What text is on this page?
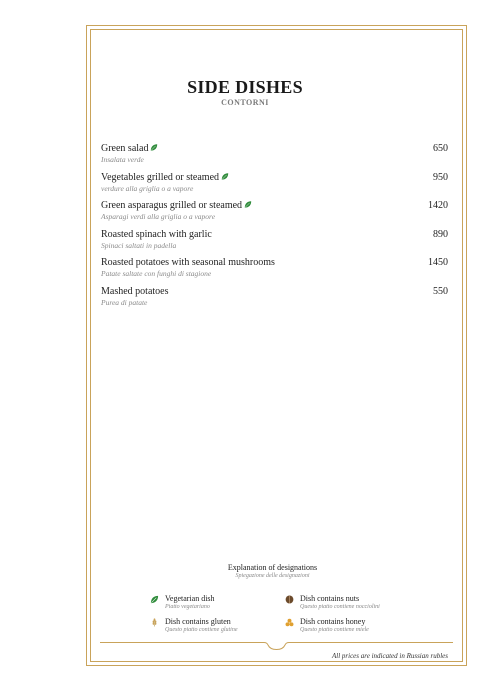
SIDE DISHES
CONTORNI
Green salad
Insalata verde
650
Vegetables grilled or steamed
verdure alla griglia o a vapore
950
Green asparagus grilled or steamed
Asparagi verdi alla griglia o a vapore
1420
Roasted spinach with garlic
Spinaci saltati in padella
890
Roasted potatoes with seasonal mushrooms
Patate saltate con funghi di stagione
1450
Mashed potatoes
Purea di patate
550
Explanation of designations
Spiegazione delle designazioni
Vegetarian dish
Piatto vegetariano
Dish contains nuts
Questo piatto contiene nocciolini
Dish contains gluten
Questo piatto contiene glutine
Dish contains honey
Questo piatto contiene miele
All prices are indicated in Russian rubles
